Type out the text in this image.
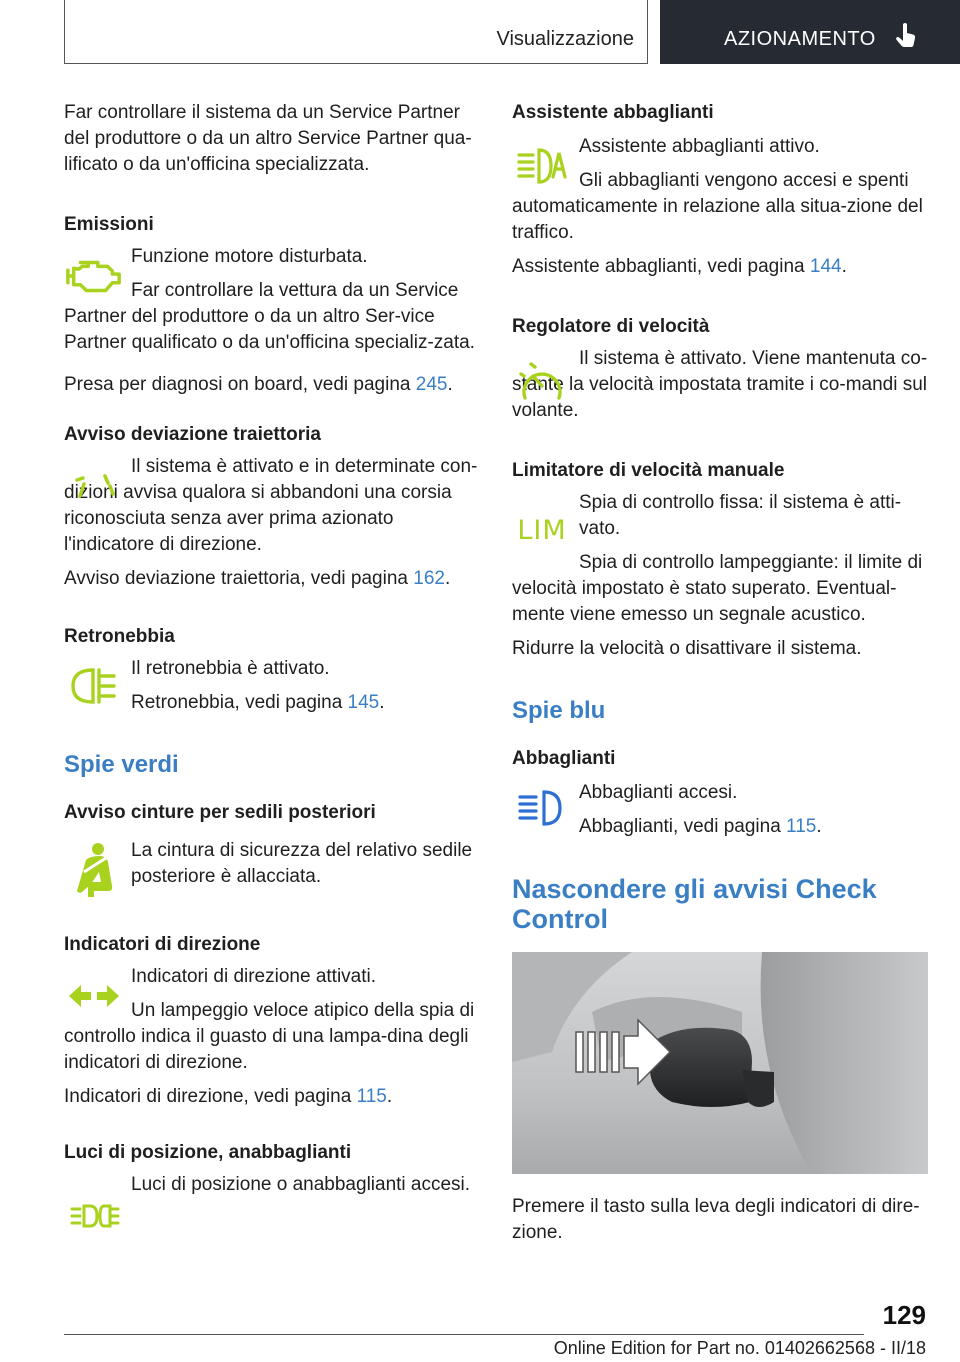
Visualizzazione	AZIONAMENTO

Far controllare il sistema da un Service Partner del produttore o da un altro Service Partner qua-lificato o da un'officina specializzata.

Emissioni

Funzione motore disturbata.

Far controllare la vettura da un Service Partner del produttore o da un altro Ser-vice Partner qualificato o da un'officina specializ-zata.

Presa per diagnosi on board, vedi pagina 245.

Avviso deviazione traiettoria

Il sistema è attivato e in determinate con-dizioni avvisa qualora si abbandoni una corsia riconosciuta senza aver prima azionato l'indicatore di direzione.

Avviso deviazione traiettoria, vedi pagina 162.

Retronebbia

Il retronebbia è attivato.

Retronebbia, vedi pagina 145.

Spie verdi

Avviso cinture per sedili posteriori

La cintura di sicurezza del relativo sedile posteriore è allacciata.

Indicatori di direzione

Indicatori di direzione attivati.

Un lampeggio veloce atipico della spia di controllo indica il guasto di una lampa-dina degli indicatori di direzione.

Indicatori di direzione, vedi pagina 115.

Luci di posizione, anabbaglianti

Luci di posizione o anabbaglianti accesi.

Assistente abbaglianti

Assistente abbaglianti attivo.

Gli abbaglianti vengono accesi e spenti automaticamente in relazione alla situa-zione del traffico.

Assistente abbaglianti, vedi pagina 144.

Regolatore di velocità

Il sistema è attivato. Viene mantenuta co-stante la velocità impostata tramite i co-mandi sul volante.

Limitatore di velocità manuale

LIM

Spia di controllo fissa: il sistema è atti-vato.

Spia di controllo lampeggiante: il limite di velocità impostato è stato superato. Eventual-mente viene emesso un segnale acustico.

Ridurre la velocità o disattivare il sistema.

Spie blu

Abbaglianti

Abbaglianti accesi.

Abbaglianti, vedi pagina 115.

Nascondere gli avvisi Check Control

Premere il tasto sulla leva degli indicatori di dire-zione.

129
Online Edition for Part no. 01402662568 - II/18
